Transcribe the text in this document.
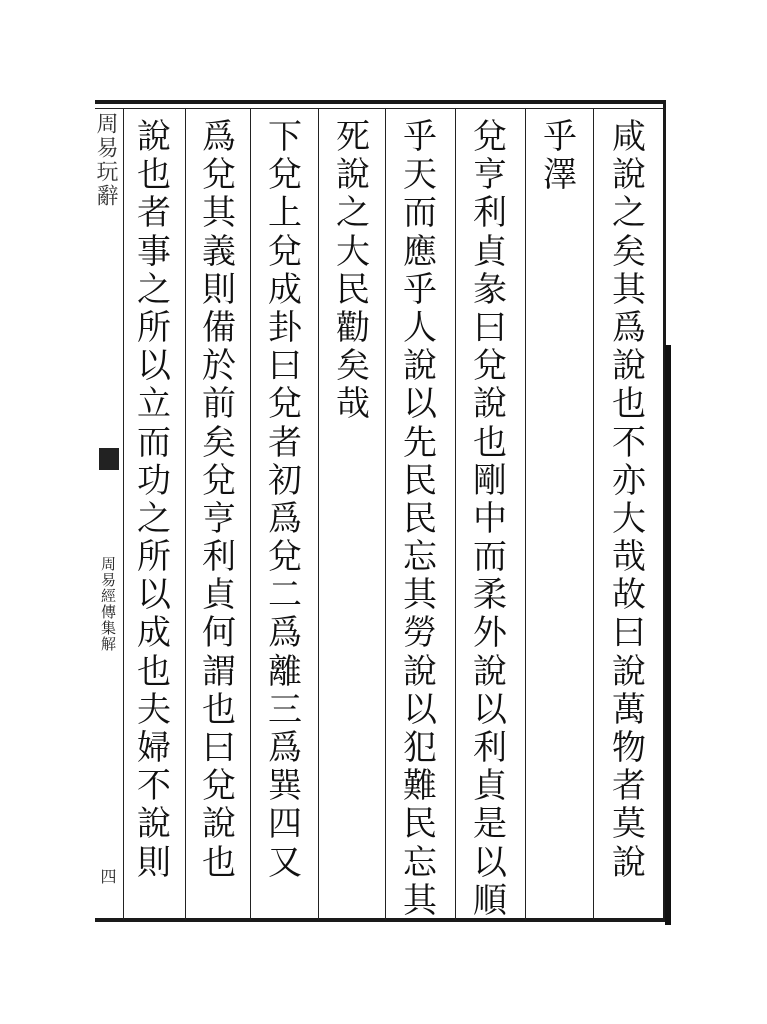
周易玩辭
周易經傳集解
四
咸
說
之
矣
其
爲
說
也
不
亦
大
哉
故
曰
說
萬
物
者
莫
說
乎
澤
兌
亨
利
貞
彖
曰
兌
說
也
剛
中
而
柔
外
說
以
利
貞
是
以
順
乎
天
而
應
乎
人
說
以
先
民
民
忘
其
勞
說
以
犯
難
民
忘
其
死
說
之
大
民
勸
矣
哉
下
兌
上
兌
成
卦
曰
兌
者
初
爲
兌
二
爲
離
三
爲
巽
四
又
爲
兌
其
義
則
備
於
前
矣
兌
亨
利
貞
何
謂
也
曰
兌
說
也
說
也
者
事
之
所
以
立
而
功
之
所
以
成
也
夫
婦
不
說
則
